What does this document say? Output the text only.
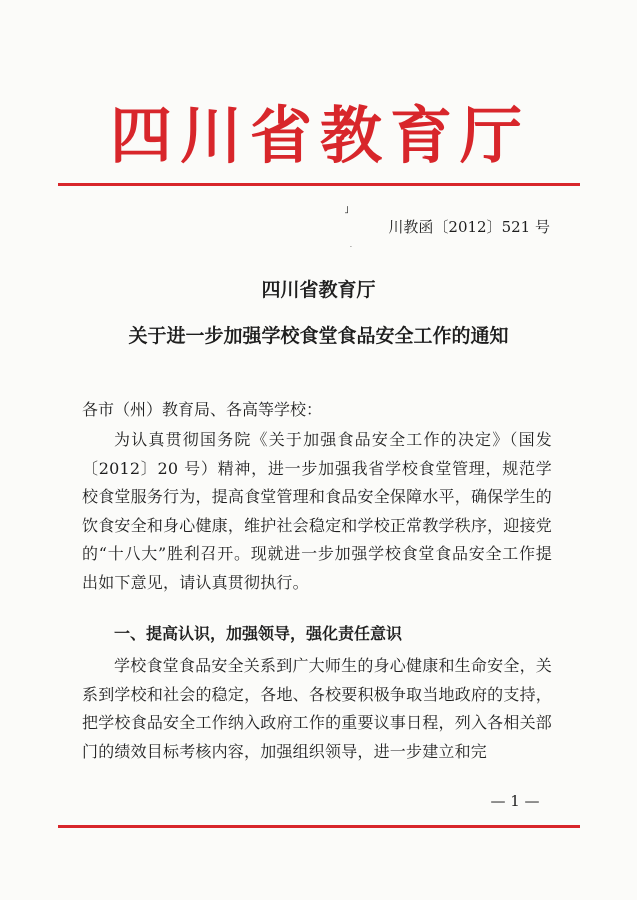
四川省教育厅
˩
川教函〔2012〕521 号
·
四川省教育厅
关于进一步加强学校食堂食品安全工作的通知
各市（州）教育局、各高等学校：
为认真贯彻国务院《关于加强食品安全工作的决定》（国发〔2012〕20 号）精神，进一步加强我省学校食堂管理，规范学校食堂服务行为，提高食堂管理和食品安全保障水平，确保学生的饮食安全和身心健康，维护社会稳定和学校正常教学秩序，迎接党的“十八大”胜利召开。现就进一步加强学校食堂食品安全工作提出如下意见，请认真贯彻执行。
一、提高认识，加强领导，强化责任意识
学校食堂食品安全关系到广大师生的身心健康和生命安全，关系到学校和社会的稳定，各地、各校要积极争取当地政府的支持，把学校食品安全工作纳入政府工作的重要议事日程，列入各相关部门的绩效目标考核内容，加强组织领导，进一步建立和完
— 1 —
